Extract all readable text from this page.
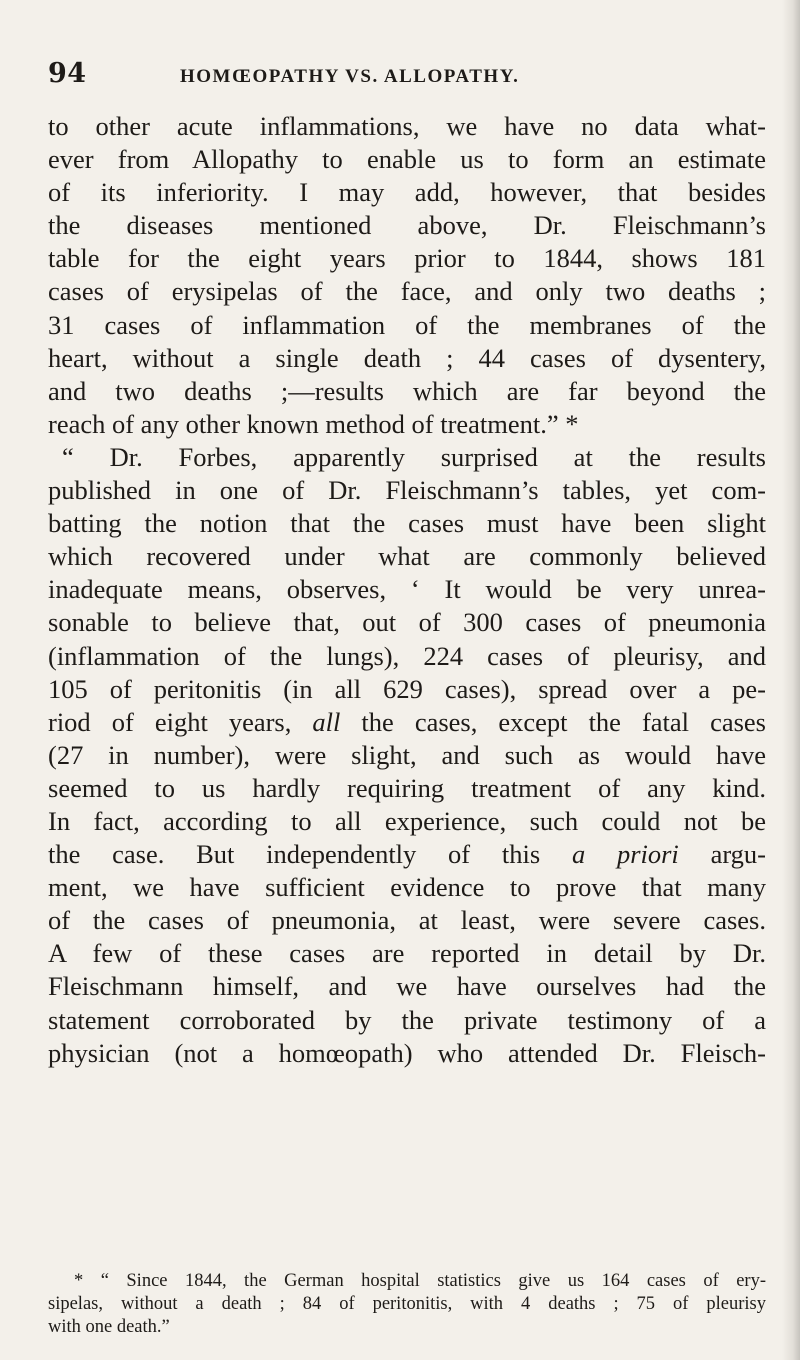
94	HOMŒOPATHY VS. ALLOPATHY.
to other acute inflammations, we have no data what-
ever from Allopathy to enable us to form an estimate
of its inferiority. I may add, however, that besides
the diseases mentioned above, Dr. Fleischmann’s
table for the eight years prior to 1844, shows 181
cases of erysipelas of the face, and only two deaths ;
31 cases of inflammation of the membranes of the
heart, without a single death ; 44 cases of dysentery,
and two deaths ;—results which are far beyond the
reach of any other known method of treatment.” *
“ Dr. Forbes, apparently surprised at the results
published in one of Dr. Fleischmann’s tables, yet com-
batting the notion that the cases must have been slight
which recovered under what are commonly believed
inadequate means, observes, ‘ It would be very unrea-
sonable to believe that, out of 300 cases of pneumonia
(inflammation of the lungs), 224 cases of pleurisy, and
105 of peritonitis (in all 629 cases), spread over a pe-
riod of eight years, all the cases, except the fatal cases
(27 in number), were slight, and such as would have
seemed to us hardly requiring treatment of any kind.
In fact, according to all experience, such could not be
the case. But independently of this a priori argu-
ment, we have sufficient evidence to prove that many
of the cases of pneumonia, at least, were severe cases.
A few of these cases are reported in detail by Dr.
Fleischmann himself, and we have ourselves had the
statement corroborated by the private testimony of a
physician (not a homœopath) who attended Dr. Fleisch-
* “ Since 1844, the German hospital statistics give us 164 cases of ery-
sipelas, without a death ; 84 of peritonitis, with 4 deaths ; 75 of pleurisy
with one death.”
